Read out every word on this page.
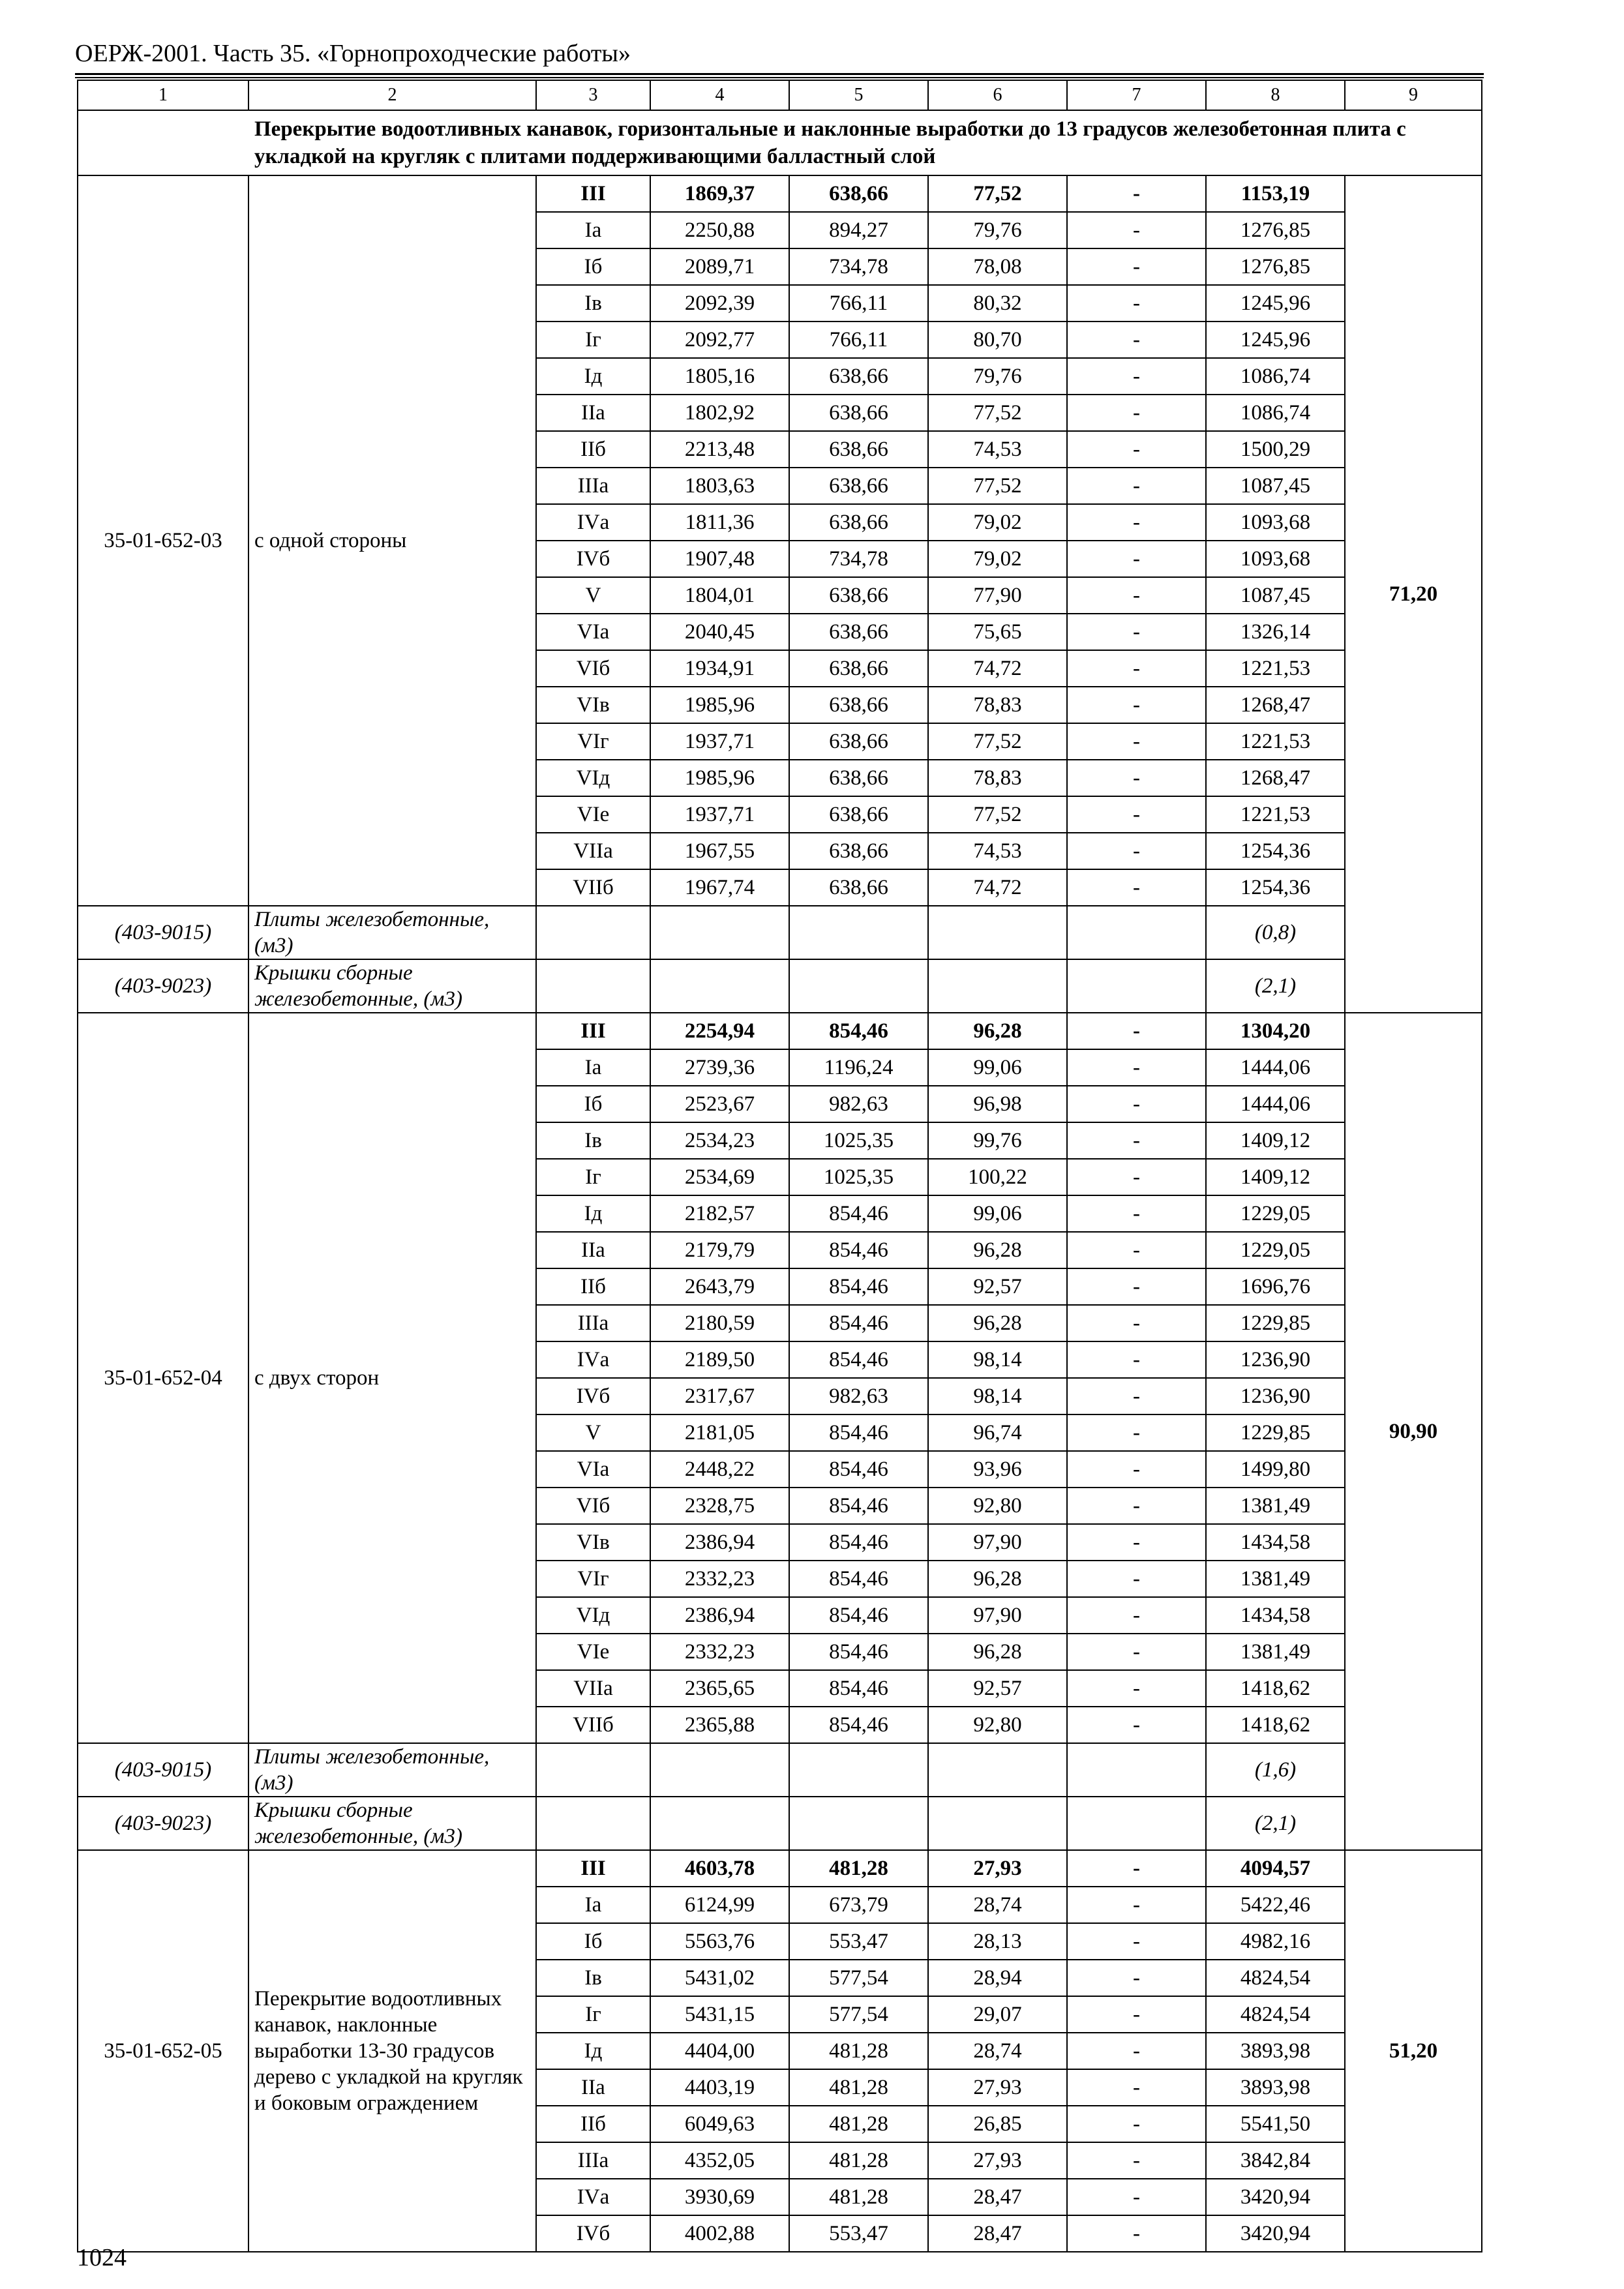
ОЕРЖ-2001. Часть 35. «Горнопроходческие работы»
1	2	3	4	5	6	7	8	9
Перекрытие водоотливных канавок, горизонтальные и наклонные выработки до 13 градусов железобетонная плита с укладкой на кругляк с плитами поддерживающими балластный слой								
35-01-652-03	с одной стороны	III	1869,37	638,66	77,52	-	1153,19	71,20
		Iа	2250,88	894,27	79,76	-	1276,85	
		Iб	2089,71	734,78	78,08	-	1276,85	
		Iв	2092,39	766,11	80,32	-	1245,96	
		Iг	2092,77	766,11	80,70	-	1245,96	
		Iд	1805,16	638,66	79,76	-	1086,74	
		IIа	1802,92	638,66	77,52	-	1086,74	
		IIб	2213,48	638,66	74,53	-	1500,29	
		IIIа	1803,63	638,66	77,52	-	1087,45	
		IVа	1811,36	638,66	79,02	-	1093,68	
		IVб	1907,48	734,78	79,02	-	1093,68	
		V	1804,01	638,66	77,90	-	1087,45	
		VIа	2040,45	638,66	75,65	-	1326,14	
		VIб	1934,91	638,66	74,72	-	1221,53	
		VIв	1985,96	638,66	78,83	-	1268,47	
		VIг	1937,71	638,66	77,52	-	1221,53	
		VIд	1985,96	638,66	78,83	-	1268,47	
		VIе	1937,71	638,66	77,52	-	1221,53	
		VIIа	1967,55	638,66	74,53	-	1254,36	
		VIIб	1967,74	638,66	74,72	-	1254,36	
(403-9015)	Плиты железобетонные, (м3)						(0,8)	
(403-9023)	Крышки сборные железобетонные, (м3)						(2,1)	
35-01-652-04	с двух сторон	III	2254,94	854,46	96,28	-	1304,20	90,90
		Iа	2739,36	1196,24	99,06	-	1444,06	
		Iб	2523,67	982,63	96,98	-	1444,06	
		Iв	2534,23	1025,35	99,76	-	1409,12	
		Iг	2534,69	1025,35	100,22	-	1409,12	
		Iд	2182,57	854,46	99,06	-	1229,05	
		IIа	2179,79	854,46	96,28	-	1229,05	
		IIб	2643,79	854,46	92,57	-	1696,76	
		IIIа	2180,59	854,46	96,28	-	1229,85	
		IVа	2189,50	854,46	98,14	-	1236,90	
		IVб	2317,67	982,63	98,14	-	1236,90	
		V	2181,05	854,46	96,74	-	1229,85	
		VIа	2448,22	854,46	93,96	-	1499,80	
		VIб	2328,75	854,46	92,80	-	1381,49	
		VIв	2386,94	854,46	97,90	-	1434,58	
		VIг	2332,23	854,46	96,28	-	1381,49	
		VIд	2386,94	854,46	97,90	-	1434,58	
		VIе	2332,23	854,46	96,28	-	1381,49	
		VIIа	2365,65	854,46	92,57	-	1418,62	
		VIIб	2365,88	854,46	92,80	-	1418,62	
(403-9015)	Плиты железобетонные, (м3)						(1,6)	
(403-9023)	Крышки сборные железобетонные, (м3)						(2,1)	
35-01-652-05	Перекрытие водоотливных канавок, наклонные выработки 13-30 градусов дерево с укладкой на кругляк и боковым ограждением	III	4603,78	481,28	27,93	-	4094,57	51,20
		Iа	6124,99	673,79	28,74	-	5422,46	
		Iб	5563,76	553,47	28,13	-	4982,16	
		Iв	5431,02	577,54	28,94	-	4824,54	
		Iг	5431,15	577,54	29,07	-	4824,54	
		Iд	4404,00	481,28	28,74	-	3893,98	
		IIа	4403,19	481,28	27,93	-	3893,98	
		IIб	6049,63	481,28	26,85	-	5541,50	
		IIIа	4352,05	481,28	27,93	-	3842,84	
		IVа	3930,69	481,28	28,47	-	3420,94	
		IVб	4002,88	553,47	28,47	-	3420,94	
1024
